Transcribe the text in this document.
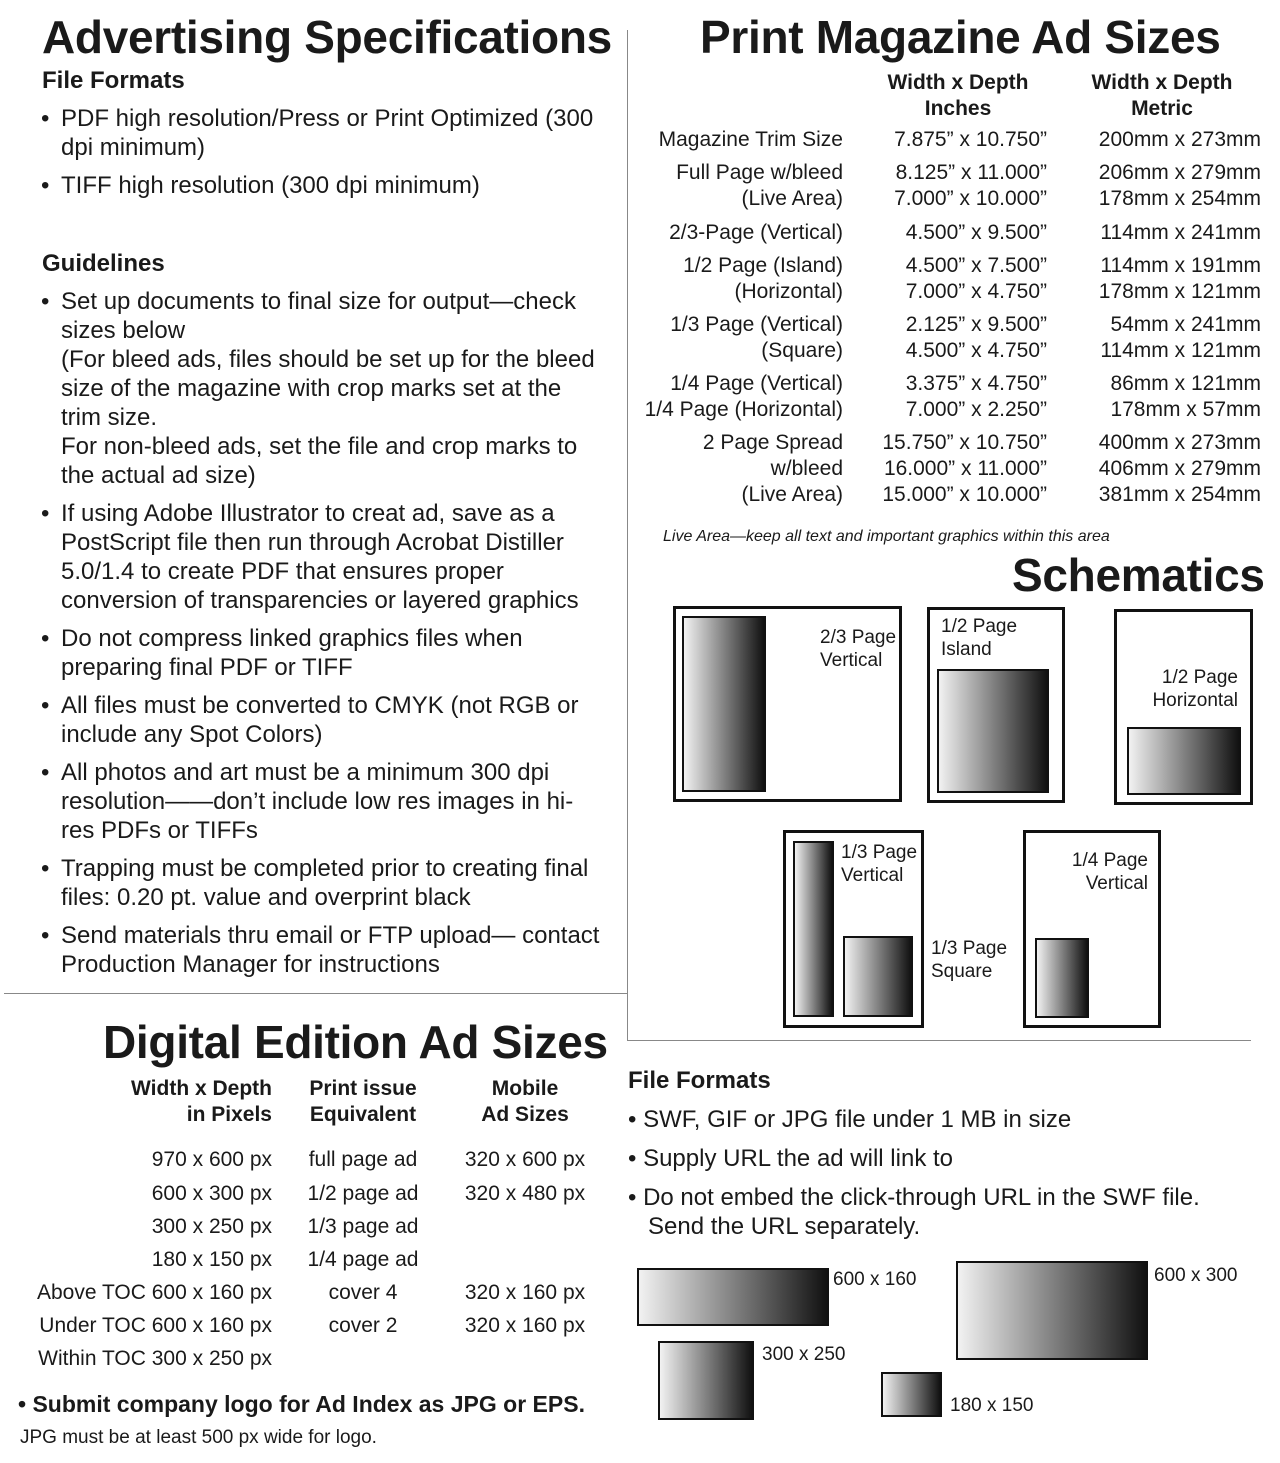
Advertising Specifications
File Formats
• PDF high resolution/Press or Print Optimized (300 dpi minimum)
• TIFF high resolution (300 dpi minimum)
Guidelines
• Set up documents to final size for output—check sizes below
(For bleed ads, files should be set up for the bleed size of the magazine with crop marks set at the trim size.
For non-bleed ads, set the file and crop marks to the actual ad size)
• If using Adobe Illustrator to creat ad, save as a PostScript file then run through Acrobat Distiller 5.0/1.4 to create PDF that ensures proper conversion of transparencies or layered graphics
• Do not compress linked graphics files when preparing final PDF or TIFF
• All files must be converted to CMYK (not RGB or include any Spot Colors)
• All photos and art must be a minimum 300 dpi resolution——don’t include low res images in hi-res PDFs or TIFFs
• Trapping must be completed prior to creating final files: 0.20 pt. value and overprint black
• Send materials thru email or FTP upload— contact Production Manager for instructions
Print Magazine Ad Sizes
Width x Depth
Inches
Width x Depth
Metric
Magazine Trim Size	7.875” x 10.750”	200mm x 273mm
Full Page w/bleed	8.125” x 11.000”	206mm x 279mm
(Live Area)	7.000” x 10.000”	178mm x 254mm
2/3-Page (Vertical)	4.500” x 9.500”	114mm x 241mm
1/2 Page (Island)	4.500” x 7.500”	114mm x 191mm
(Horizontal)	7.000” x 4.750”	178mm x 121mm
1/3 Page (Vertical)	2.125” x 9.500”	54mm x 241mm
(Square)	4.500” x 4.750”	114mm x 121mm
1/4 Page (Vertical)	3.375” x 4.750”	86mm x 121mm
1/4 Page (Horizontal)	7.000” x 2.250”	178mm x 57mm
2 Page Spread	15.750” x 10.750”	400mm x 273mm
w/bleed	16.000” x 11.000”	406mm x 279mm
(Live Area)	15.000” x 10.000”	381mm x 254mm
Live Area—keep all text and important graphics within this area
Schematics
2/3 Page
Vertical
1/2 Page
Island
1/2 Page
Horizontal
1/3 Page
Vertical
1/3 Page
Square
1/4 Page
Vertical
Digital Edition Ad Sizes
Width x Depth
in Pixels
Print issue
Equivalent
Mobile
Ad Sizes
970 x 600 px	full page ad	320 x 600 px
600 x 300 px	1/2 page ad	320 x 480 px
300 x 250 px	1/3 page ad
180 x 150 px	1/4 page ad
Above TOC 600 x 160 px	cover 4	320 x 160 px
Under TOC 600 x 160 px	cover 2	320 x 160 px
Within TOC 300 x 250 px
• Submit company logo for Ad Index as JPG or EPS.
JPG must be at least 500 px wide for logo.
File Formats
• SWF, GIF or JPG file under 1 MB in size
• Supply URL the ad will link to
• Do not embed the click-through URL in the SWF file.
Send the URL separately.
600 x 160	600 x 300
300 x 250
180 x 150
